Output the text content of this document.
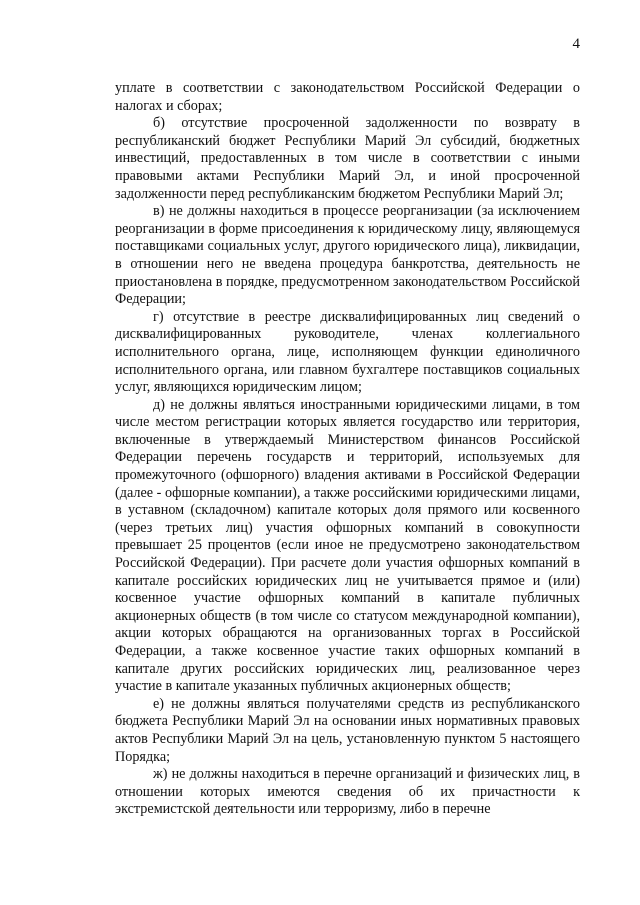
4

уплате в соответствии с законодательством Российской Федерации о налогах и сборах;

б) отсутствие просроченной задолженности по возврату в республиканский бюджет Республики Марий Эл субсидий, бюджетных инвестиций, предоставленных в том числе в соответствии с иными правовыми актами Республики Марий Эл, и иной просроченной задолженности перед республиканским бюджетом Республики Марий Эл;

в) не должны находиться в процессе реорганизации (за исключением реорганизации в форме присоединения к юридическому лицу, являющемуся поставщиками социальных услуг, другого юридического лица), ликвидации, в отношении него не введена процедура банкротства, деятельность не приостановлена в порядке, предусмотренном законодательством Российской Федерации;

г) отсутствие в реестре дисквалифицированных лиц сведений о дисквалифицированных руководителе, членах коллегиального исполнительного органа, лице, исполняющем функции единоличного исполнительного органа, или главном бухгалтере поставщиков социальных услуг, являющихся юридическим лицом;

д) не должны являться иностранными юридическими лицами, в том числе местом регистрации которых является государство или территория, включенные в утверждаемый Министерством финансов Российской Федерации перечень государств и территорий, используемых для промежуточного (офшорного) владения активами в Российской Федерации (далее - офшорные компании), а также российскими юридическими лицами, в уставном (складочном) капитале которых доля прямого или косвенного (через третьих лиц) участия офшорных компаний в совокупности превышает 25 процентов (если иное не предусмотрено законодательством Российской Федерации). При расчете доли участия офшорных компаний в капитале российских юридических лиц не учитывается прямое и (или) косвенное участие офшорных компаний в капитале публичных акционерных обществ (в том числе со статусом международной компании), акции которых обращаются на организованных торгах в Российской Федерации, а также косвенное участие таких офшорных компаний в капитале других российских юридических лиц, реализованное через участие в капитале указанных публичных акционерных обществ;

е) не должны являться получателями средств из республиканского бюджета Республики Марий Эл на основании иных нормативных правовых актов Республики Марий Эл на цель, установленную пунктом 5 настоящего Порядка;

ж) не должны находиться в перечне организаций и физических лиц, в отношении которых имеются сведения об их причастности к экстремистской деятельности или терроризму, либо в перечне
